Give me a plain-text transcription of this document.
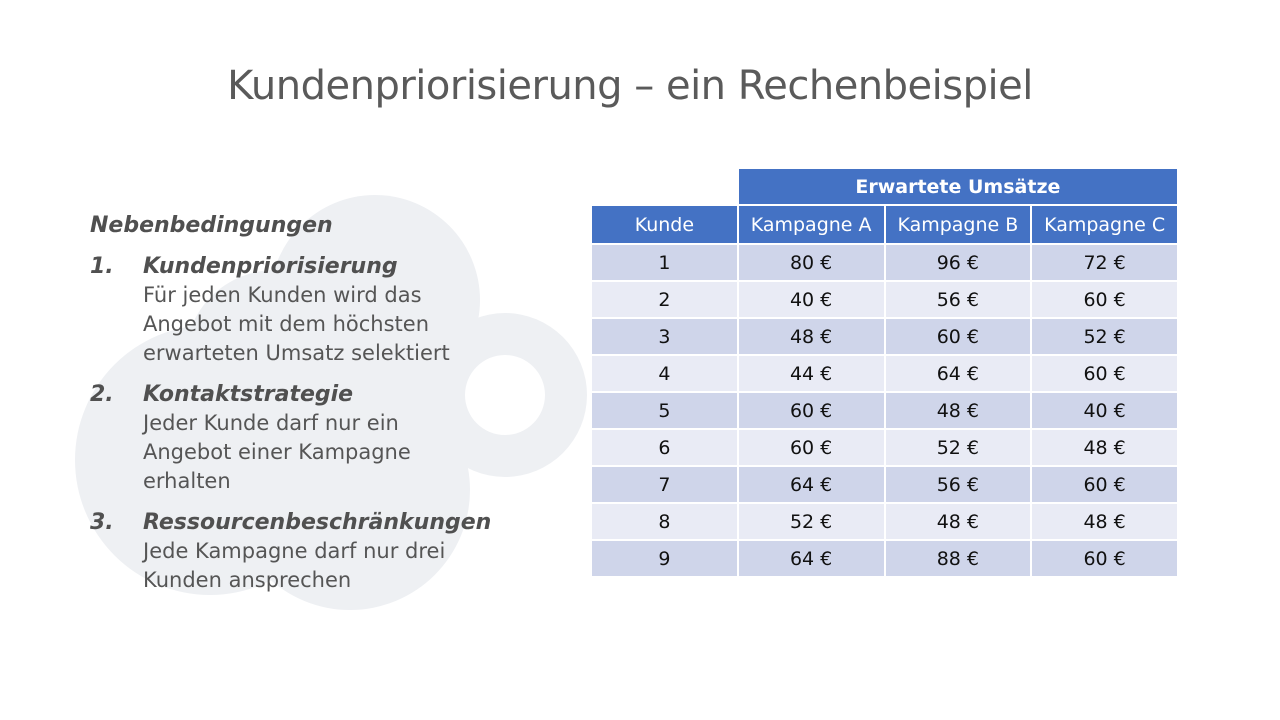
Kundenpriorisierung – ein Rechenbeispiel
Nebenbedingungen
1. Kundenpriorisierung
Für jeden Kunden wird das
Angebot mit dem höchsten
erwarteten Umsatz selektiert
2. Kontaktstrategie
Jeder Kunde darf nur ein
Angebot einer Kampagne
erhalten
3. Ressourcenbeschränkungen
Jede Kampagne darf nur drei
Kunden ansprechen
	Erwartete Umsätze		
Kunde	Kampagne A	Kampagne B	Kampagne C
1	80 €	96 €	72 €
2	40 €	56 €	60 €
3	48 €	60 €	52 €
4	44 €	64 €	60 €
5	60 €	48 €	40 €
6	60 €	52 €	48 €
7	64 €	56 €	60 €
8	52 €	48 €	48 €
9	64 €	88 €	60 €
